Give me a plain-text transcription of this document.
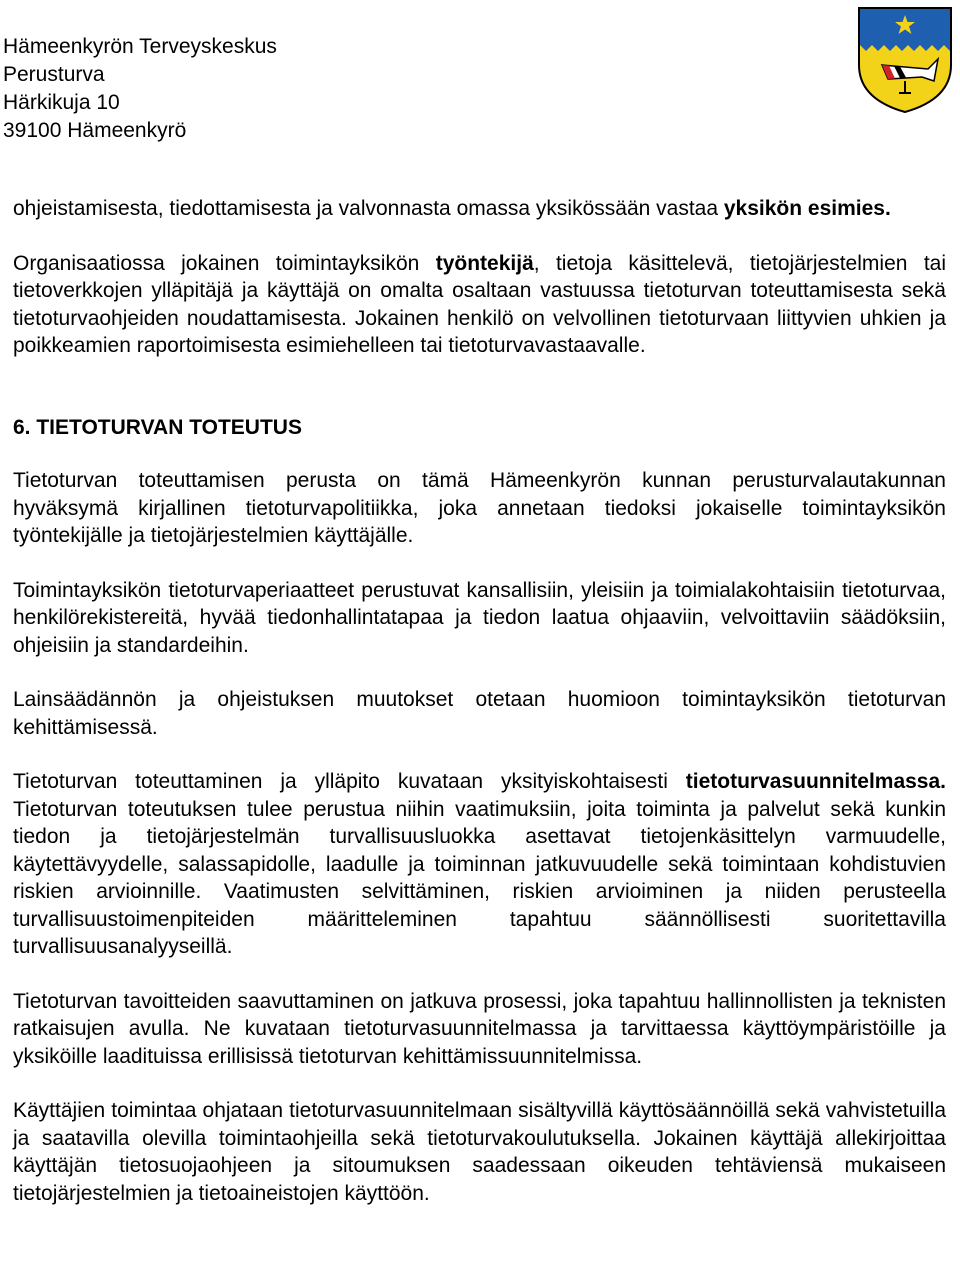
Hämeenkyrön Terveyskeskus
Perusturva
Härkikuja 10
39100 Hämeenkyrö

ohjeistamisesta, tiedottamisesta ja valvonnasta omassa yksikössään vastaa yksikön esimies.

Organisaatiossa jokainen toimintayksikön työntekijä, tietoja käsittelevä, tietojärjestelmien tai tietoverkkojen ylläpitäjä ja käyttäjä on omalta osaltaan vastuussa tietoturvan toteuttamisesta sekä tietoturvaohjeiden noudattamisesta. Jokainen henkilö on velvollinen tietoturvaan liittyvien uhkien ja poikkeamien raportoimisesta esimiehelleen tai tietoturvavastaavalle.

6. TIETOTURVAN TOTEUTUS

Tietoturvan toteuttamisen perusta on tämä Hämeenkyrön kunnan perusturvalautakunnan hyväksymä kirjallinen tietoturvapolitiikka, joka annetaan tiedoksi jokaiselle toimintayksikön työntekijälle ja tietojärjestelmien käyttäjälle.

Toimintayksikön tietoturvaperiaatteet perustuvat kansallisiin, yleisiin ja toimialakohtaisiin tietoturvaa, henkilörekistereitä, hyvää tiedonhallintatapaa ja tiedon laatua ohjaaviin, velvoittaviin säädöksiin, ohjeisiin ja standardeihin.

Lainsäädännön ja ohjeistuksen muutokset otetaan huomioon toimintayksikön tietoturvan kehittämisessä.

Tietoturvan toteuttaminen ja ylläpito kuvataan yksityiskohtaisesti tietoturvasuunnitelmassa. Tietoturvan toteutuksen tulee perustua niihin vaatimuksiin, joita toiminta ja palvelut sekä kunkin tiedon ja tietojärjestelmän turvallisuusluokka asettavat tietojenkäsittelyn varmuudelle, käytettävyydelle, salassapidolle, laadulle ja toiminnan jatkuvuudelle sekä toimintaan kohdistuvien riskien arvioinnille. Vaatimusten selvittäminen, riskien arvioiminen ja niiden perusteella turvallisuustoimenpiteiden määritteleminen tapahtuu säännöllisesti suoritettavilla turvallisuusanalyyseillä.

Tietoturvan tavoitteiden saavuttaminen on jatkuva prosessi, joka tapahtuu hallinnollisten ja teknisten ratkaisujen avulla. Ne kuvataan tietoturvasuunnitelmassa ja tarvittaessa käyttöympäristöille ja yksiköille laadituissa erillisissä tietoturvan kehittämissuunnitelmissa.

Käyttäjien toimintaa ohjataan tietoturvasuunnitelmaan sisältyvillä käyttösäännöillä sekä vahvistetuilla ja saatavilla olevilla toimintaohjeilla sekä tietoturvakoulutuksella. Jokainen käyttäjä allekirjoittaa käyttäjän tietosuojaohjeen ja sitoumuksen saadessaan oikeuden tehtäviensä mukaiseen tietojärjestelmien ja tietoaineistojen käyttöön.
